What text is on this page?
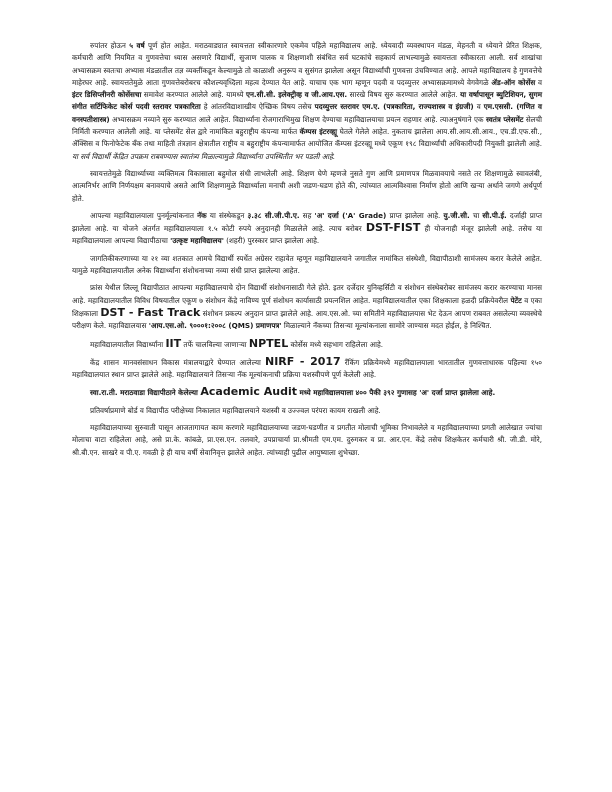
रुपांतर होऊन ५ वर्ष पूर्ण होत आहेत. मराठवाड्यात स्वायत्तता स्वीकारणारे एकमेव पहिले महाविद्यालय आहे. ध्येयवादी व्यवस्थापन मंडळ, मेहनती व ध्येयाने प्रेरित शिक्षक, कर्मचारी आणि नियमित व गुणवत्तेचा ध्यास असणारे विद्यार्थी, सुजाण पालक व शिक्षणाशी संबंधित सर्व घटकांचे सहकार्य लाभल्यामुळे स्वायत्तता स्वीकारता आली. सर्व शाखांचा अभ्यासक्रम स्वतःचा अभ्यास मंडळातील तज्ञ व्यक्तींकडून केल्यामुळे तो काळाशी अनुरूप व सुसंगत झालेला असून विद्यार्थ्यांची गुणवत्ता उंचविण्यात आहे. आपले महाविद्यालय हे गुणवत्तेचे माहेरघर आहे. स्वायत्ततेमुळे आता गुणवत्तेबरोबरच कौशल्यवृध्दिला महत्व देण्यात येत आहे. याचाच एक भाग म्हणून पदवी व पदव्युत्तर अभ्यासक्रमामध्ये वेगवेगळे ॲड-ऑन कोर्सेस व इंटर डिसिप्लीनरी कोर्सेसचा समावेश करण्यात आलेले आहे. यामध्ये एन.सी.सी. इलेक्ट्रीव्ह व जी.आय.एस. सारखे विषय सुरु करण्यात आलेले आहेत. या वर्षापासून ब्युटिशियन, सुगम संगीत सर्टिफिकेट कोर्स पदवी स्तरावर पत्रकारिता हे आंतरविद्याशाखीय ऐच्छिक विषय तसेच पदव्युत्तर स्तरावर एम.ए. (पत्रकारिता, राज्यशास्त्र व इंग्रजी) व एम.एससी. (गणित व वनस्पतीशास्त्र) अभ्यासक्रम नव्याने सुरु करण्यात आले आहेत. विद्यार्थ्यांना रोजगाराभिमुख शिक्षण देण्याचा महाविद्यालयाचा प्रयत्न राहणार आहे. त्याअनुषंगाने एक स्वतंत्र प्लेसमेंट सेलची निर्मिती करण्यात आलेली आहे. या प्लेसमेंट सेल द्वारे नामांकित बहुराष्ट्रीय कंपन्या मार्फत कॅम्पस इंटरव्ह्यू घेतले गेलेले आहेत. नुकताच झालेला आय.सी.आय.सी.आय., एच.डी.एफ.सी., ॲक्सिस व फिनोफेटेक बँक तथा माहिती तंत्रज्ञान क्षेत्रातील राष्ट्रीय व बहुराष्ट्रीय कंपन्यामार्फत आयोजित कॅम्पस इंटरव्ह्यू मध्ये एकूण १९८ विद्यार्थ्यांची अधिकारीपदी नियुक्ती झालेली आहे. या सर्व विद्यार्थी केंद्रित उपक्रम राबवण्यास स्वातंत्र्य मिळाल्यामुळे विद्यार्थ्यांना उपस्थितीत भर पडली आहे.

स्वायत्ततेमुळे विद्यार्थ्याच्या व्यक्तिमत्व विकासाला बहुमोल संधी लाभलेली आहे. शिक्षण घेणे म्हणजे नुसते गुण आणि प्रमाणपत्र मिळवावयाचे नसते तर शिक्षणामुळे स्वावलंबी, आत्मनिर्भर आणि निर्णयक्षम बनावयाचे असते आणि शिक्षणामुळे विद्यार्थ्याला मनाची अशी जडण-घडण होते की, त्यांच्यात आत्मविश्वास निर्माण होतो आणि खऱ्या अर्थाने जगणे अर्थपूर्ण होते.

आपल्या महाविद्यालयाला पुनर्मूल्यांकनात नॅक या संस्थेकडून ३.३८ सी.जी.पी.ए. सह 'अ' दर्जा ('A' Grade) प्राप्त झालेला आहे. यु.जी.सी. चा सी.पी.ई. दर्जाही प्राप्त झालेला आहे. या योजने अंतर्गत महाविद्यालयाला १.५ कोटी रुपये अनुदानही मिळालेले आहे. त्याच बरोबर DST-FIST ही योजनाही मंजूर झालेली आहे. तसेच या महाविद्यालयाला आपल्या विद्यापीठाचा 'उत्कृष्ट महाविद्यालय' (शहरी) पुरस्कार प्राप्त झालेला आहे.

जागतिकीकरणाच्या या २१ व्या शतकात आमचे विद्यार्थी स्पर्धेत अग्रेसर राहावेत म्हणून महाविद्यालयाने जगातील नामांकित संस्थेशी, विद्यापीठाशी सामंजस्य करार केलेले आहेत. यामुळे महाविद्यालयातील अनेक विद्यार्थ्यांना संशोधनाच्या नव्या संधी प्राप्त झालेल्या आहेत.

फ्रांस येथील लिल्लू विद्यापीठात आपल्या महाविद्यालयाचे दोन विद्यार्थी संशोधनासाठी गेले होते. इतर दर्जेदार युनिव्हर्सिटी व संशोधन संस्थेबरोबर सामंजस्य करार करण्याचा मानस आहे. महाविद्यालयातील विविध विषयातील एकूण ७ संशोधन केंद्रे नाविण्य पूर्ण संशोधन कार्यासाठी प्रयत्नशिल आहेत. महाविद्यालयातील एका शिक्षकाला हळदी प्रक्रियेवरील पेटेंट व एका शिक्षकाला DST - Fast Track संशोधन प्रकल्प अनुदान प्राप्त झालेले आहे. आय.एस.ओ. च्या समितीने महाविद्यालयास भेट देऊन आपण राबवत असलेल्या व्यवस्थेचे परीक्षण केले. महाविद्यालयास 'आय.एस.ओ. ९०००१:२००८ (QMS) प्रमाणपत्र' मिळाल्याने नॅकच्या तिसऱ्या मूल्यांकनाला सामोरे जाण्यास मदत होईल, हे निश्चित.

महाविद्यालयातील विद्यार्थ्यांना IIT तर्फे चालविल्या जाणाऱ्या NPTEL कोर्सेस मध्ये सहभाग राहिलेला आहे.

केंद्र शासन मानवसंसाधन विकास मंत्रालयाद्वारे घेण्यात आलेल्या NIRF - 2017 रँकिंग प्रक्रियेमध्ये महाविद्यालयाला भारतातील गुणवत्ताधारक पहिल्या १५० महाविद्यालयात स्थान प्राप्त झालेले आहे. महाविद्यालयाने तिसऱ्या नॅक मूल्यांकनाची प्रक्रिया यशस्वीपणे पूर्ण केलेली आहे.

स्वा.रा.ती. मराठवाडा विद्यापीठाने केलेल्या Academic Audit मध्ये महाविद्यालयाला ४०० पैकी ३९२ गुणासह 'अ' दर्जा प्राप्त झालेला आहे.

प्रतिवर्षाप्रमाणे बोर्ड व विद्यापीठ परीक्षेच्या निकालात महाविद्यालयाने यशस्वी व उज्ज्वल परंपरा कायम राखली आहे.

महाविद्यालयाच्या सुरुवाती पासून आजतागायत काम करणारे महाविद्यालयाच्या जडण-घडणीत व प्रगतीत मोलाची भूमिका निभावलेले व महाविद्यालयाच्या प्रगती आलेखात ज्यांचा मोलाचा वाटा राहिलेला आहे, असे प्रा.के. कांबळे, प्रा.एस.एन. तलवारे, उपप्राचार्या प्रा.श्रीमती एम.एम. दुरुगकर व प्रा. आर.एन. केंद्रे तसेच शिक्षकेतर कर्मचारी श्री. जी.डी. मोरे, श्री.बी.एन. साखरे व पी.ए. गवळी हे ही याच वर्षी सेवानिवृत्त झालेले आहेत. त्यांच्याही पुढील आयुष्याला शुभेच्छा.
